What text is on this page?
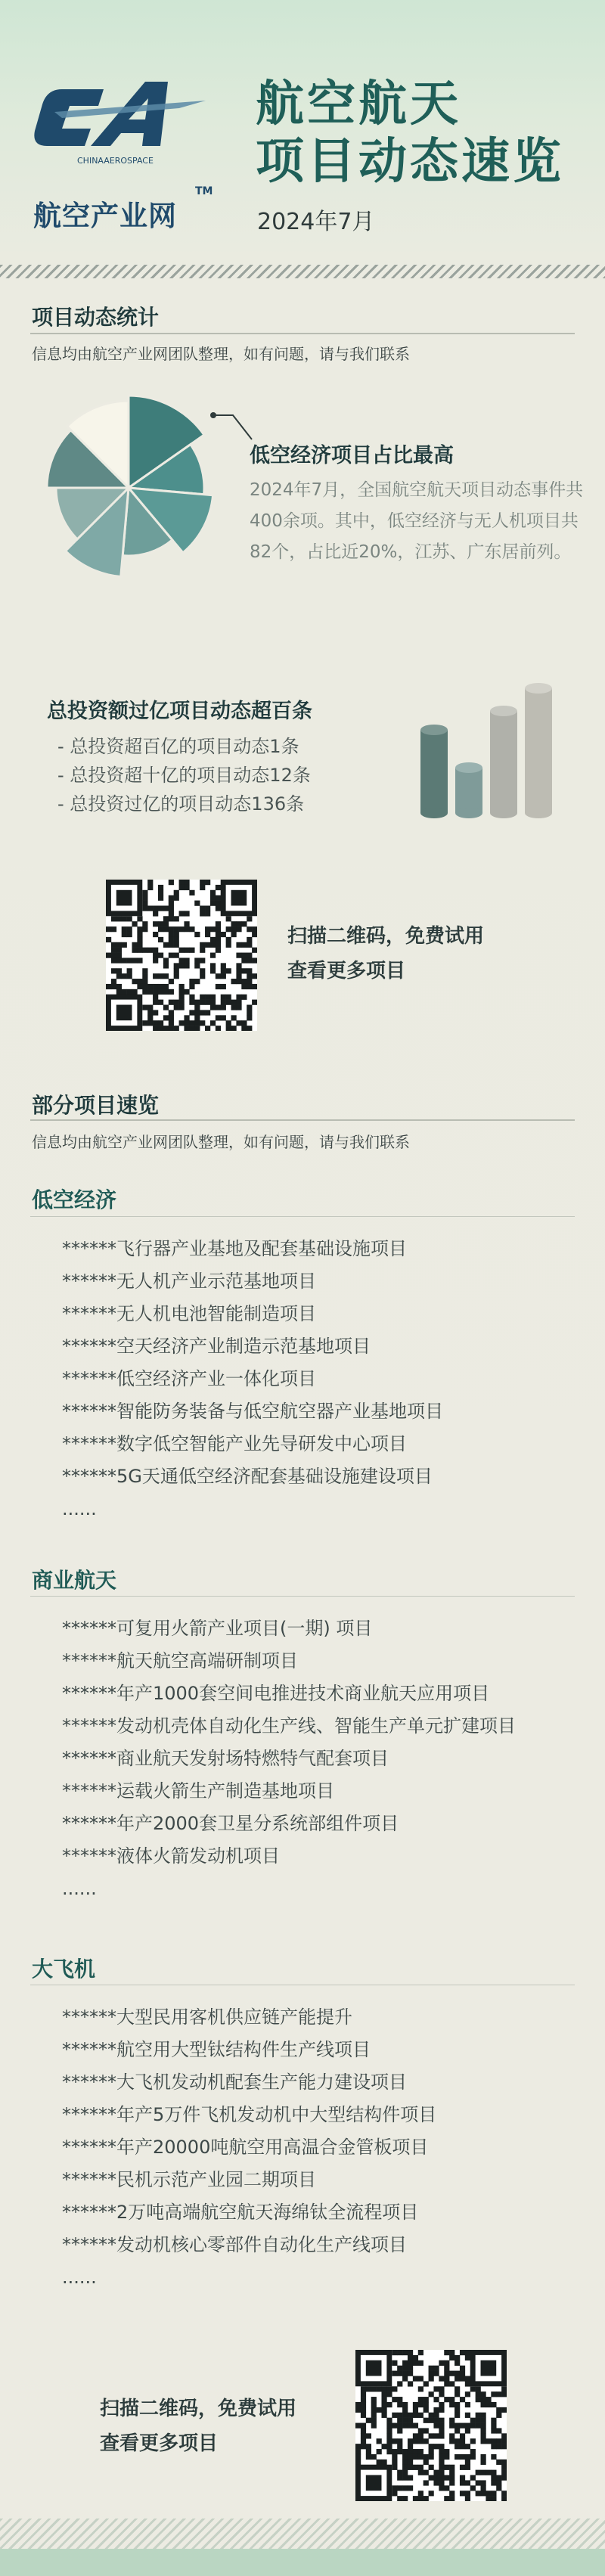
CHINAAEROSPACE
航空产业网
TM
航空航天
项目动态速览
2024年7月
项目动态统计
信息均由航空产业网团队整理，如有问题，请与我们联系
低空经济项目占比最高
2024年7月，全国航空航天项目动态事件共400余项。其中，低空经济与无人机项目共82个，占比近20%，江苏、广东居前列。
总投资额过亿项目动态超百条
- 总投资超百亿的项目动态1条
- 总投资超十亿的项目动态12条
- 总投资过亿的项目动态136条
扫描二维码，免费试用
查看更多项目
部分项目速览
信息均由航空产业网团队整理，如有问题，请与我们联系
低空经济
******飞行器产业基地及配套基础设施项目
******无人机产业示范基地项目
******无人机电池智能制造项目
******空天经济产业制造示范基地项目
******低空经济产业一体化项目
******智能防务装备与低空航空器产业基地项目
******数字低空智能产业先导研发中心项目
******5G天通低空经济配套基础设施建设项目
......
商业航天
******可复用火箭产业项目(一期) 项目
******航天航空高端研制项目
******年产1000套空间电推进技术商业航天应用项目
******发动机壳体自动化生产线、智能生产单元扩建项目
******商业航天发射场特燃特气配套项目
******运载火箭生产制造基地项目
******年产2000套卫星分系统部组件项目
******液体火箭发动机项目
......
大飞机
******大型民用客机供应链产能提升
******航空用大型钛结构件生产线项目
******大飞机发动机配套生产能力建设项目
******年产5万件飞机发动机中大型结构件项目
******年产20000吨航空用高温合金管板项目
******民机示范产业园二期项目
******2万吨高端航空航天海绵钛全流程项目
******发动机核心零部件自动化生产线项目
......
扫描二维码，免费试用
查看更多项目
